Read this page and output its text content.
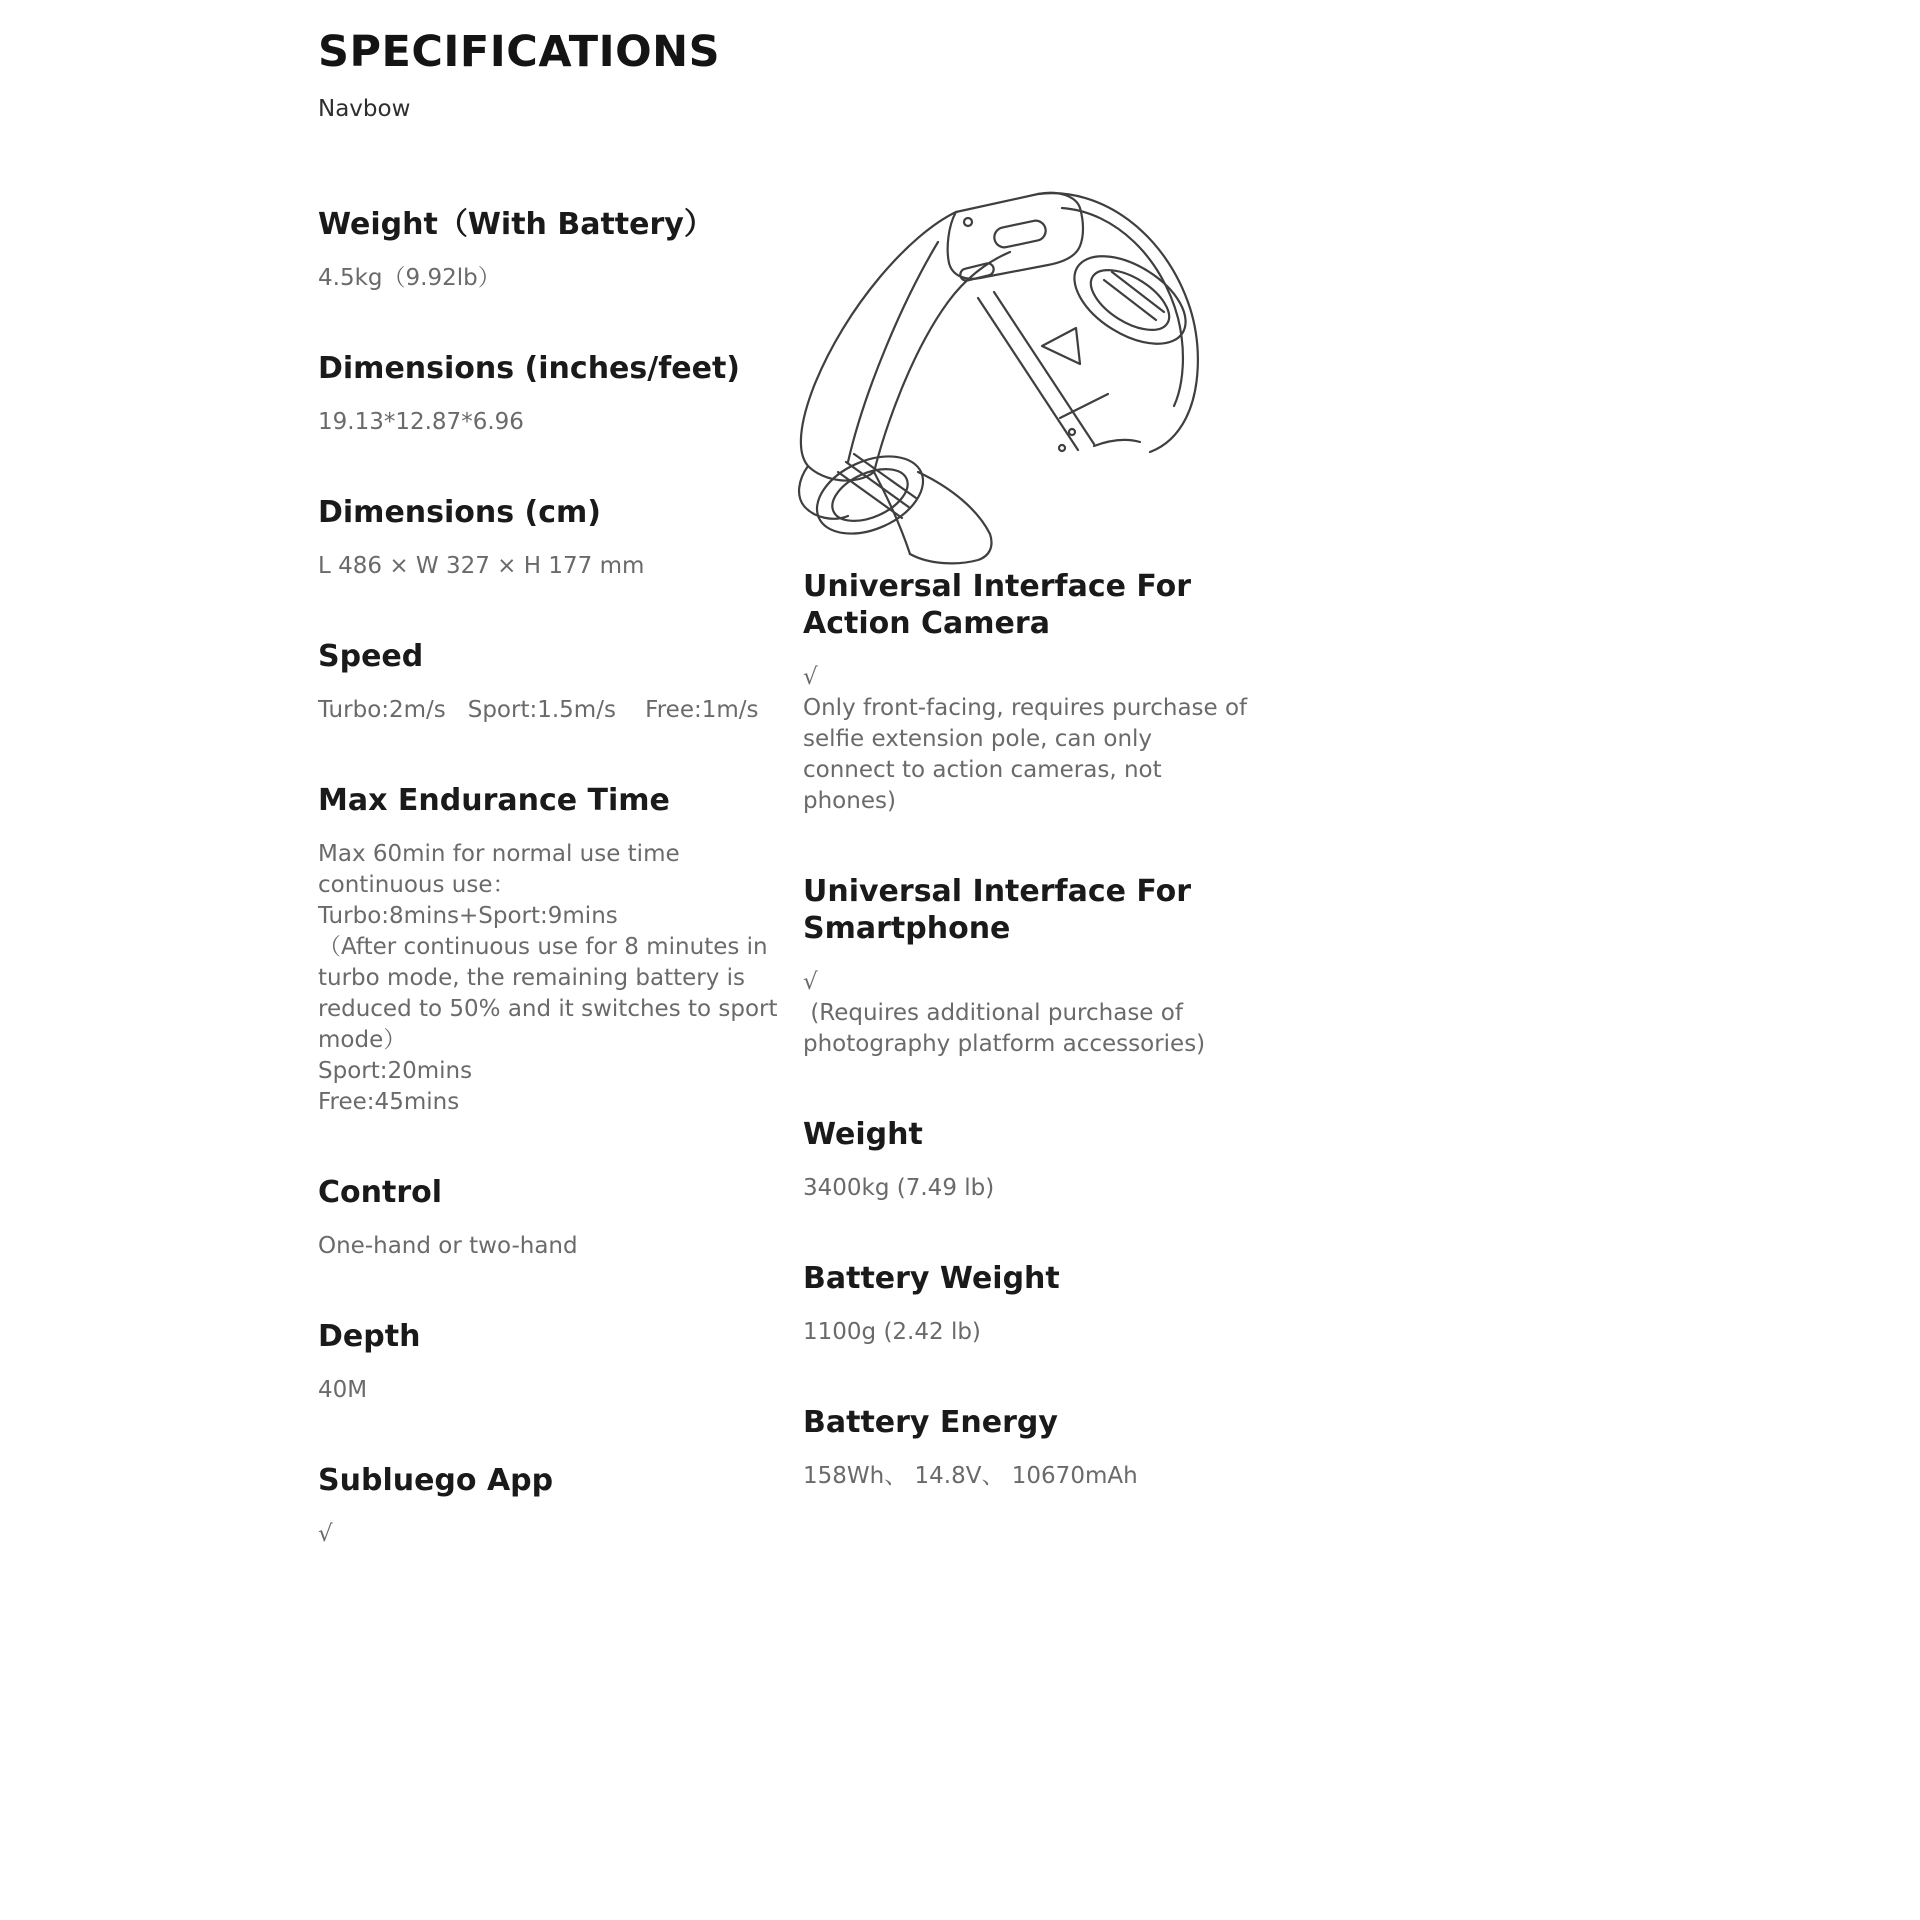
SPECIFICATIONS

Navbow

Weight（With Battery）
4.5kg（9.92lb）
Dimensions (inches/feet)
19.13*12.87*6.96
Dimensions (cm)
L 486 × W 327 × H 177 mm
Speed
Turbo:2m/s   Sport:1.5m/s    Free:1m/s
Max Endurance Time
Max 60min for normal use time continuous use：
Turbo:8mins+Sport:9mins
（After continuous use for 8 minutes in turbo mode, the remaining battery is reduced to 50% and it switches to sport mode）
Sport:20mins
Free:45mins
Control
One-hand or two-hand
Depth
40M
Subluego App
√
Universal Interface For Action Camera
√
Only front-facing, requires purchase of selfie extension pole, can only connect to action cameras, not phones)
Universal Interface For Smartphone
√
(Requires additional purchase of photography platform accessories)
Weight
3400kg (7.49 lb)
Battery Weight
1100g (2.42 lb)
Battery Energy
158Wh、 14.8V、 10670mAh
